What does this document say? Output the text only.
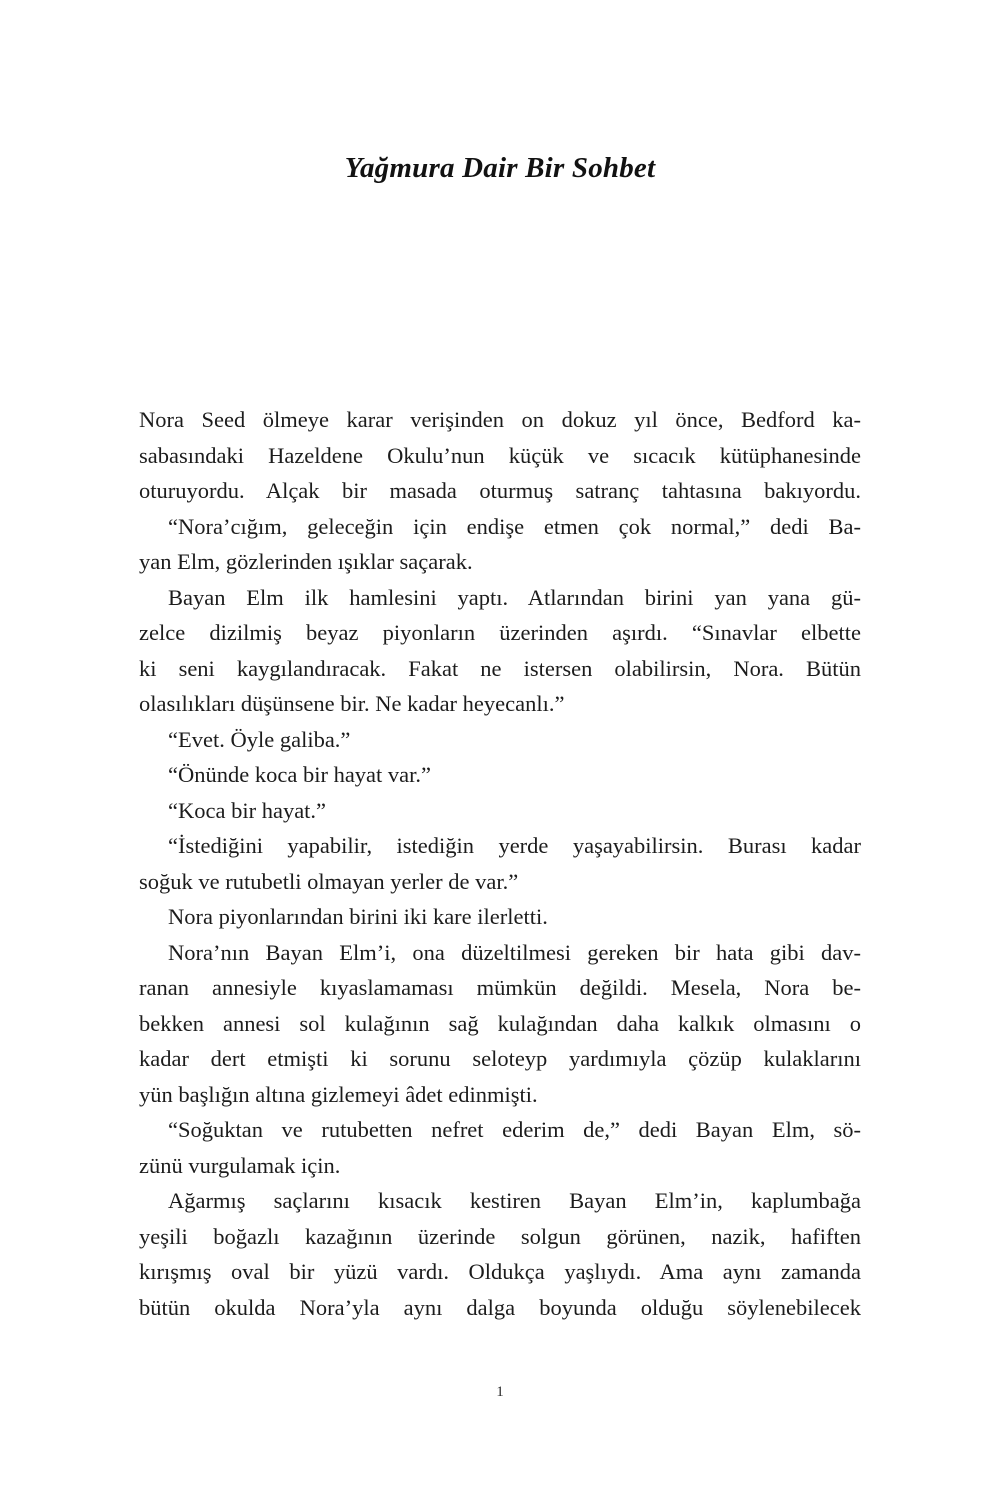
Yağmura Dair Bir Sohbet
Nora Seed ölmeye karar verişinden on dokuz yıl önce, Bedford ka-
sabasındaki Hazeldene Okulu’nun küçük ve sıcacık kütüphanesinde
oturuyordu. Alçak bir masada oturmuş satranç tahtasına bakıyordu.
“Nora’cığım, geleceğin için endişe etmen çok normal,” dedi Ba-
yan Elm, gözlerinden ışıklar saçarak.
Bayan Elm ilk hamlesini yaptı. Atlarından birini yan yana gü-
zelce dizilmiş beyaz piyonların üzerinden aşırdı. “Sınavlar elbette
ki seni kaygılandıracak. Fakat ne istersen olabilirsin, Nora. Bütün
olasılıkları düşünsene bir. Ne kadar heyecanlı.”
“Evet. Öyle galiba.”
“Önünde koca bir hayat var.”
“Koca bir hayat.”
“İstediğini yapabilir, istediğin yerde yaşayabilirsin. Burası kadar
soğuk ve rutubetli olmayan yerler de var.”
Nora piyonlarından birini iki kare ilerletti.
Nora’nın Bayan Elm’i, ona düzeltilmesi gereken bir hata gibi dav-
ranan annesiyle kıyaslamaması mümkün değildi. Mesela, Nora be-
bekken annesi sol kulağının sağ kulağından daha kalkık olmasını o
kadar dert etmişti ki sorunu seloteyp yardımıyla çözüp kulaklarını
yün başlığın altına gizlemeyi âdet edinmişti.
“Soğuktan ve rutubetten nefret ederim de,” dedi Bayan Elm, sö-
zünü vurgulamak için.
Ağarmış saçlarını kısacık kestiren Bayan Elm’in, kaplumbağa
yeşili boğazlı kazağının üzerinde solgun görünen, nazik, hafiften
kırışmış oval bir yüzü vardı. Oldukça yaşlıydı. Ama aynı zamanda
bütün okulda Nora’yla aynı dalga boyunda olduğu söylenebilecek
1
